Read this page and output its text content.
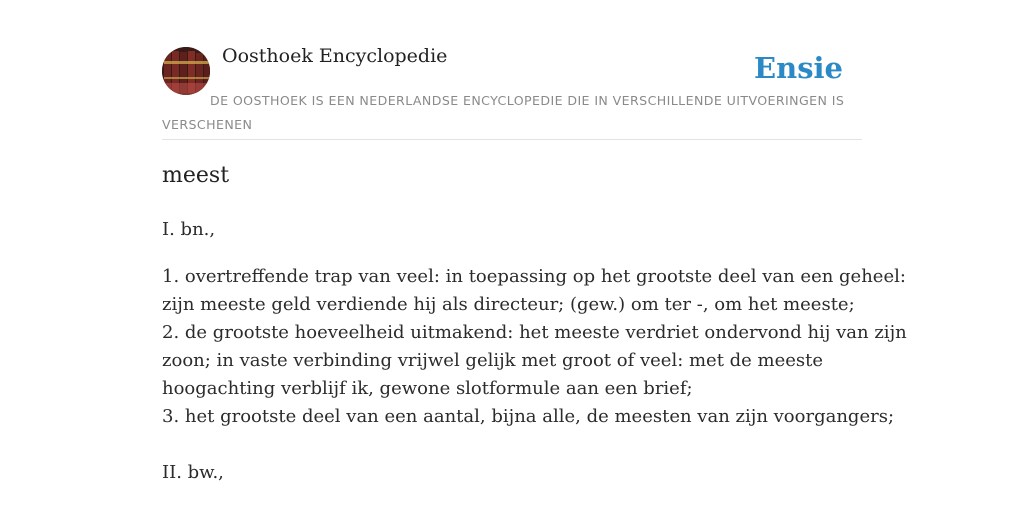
Oosthoek Encyclopedie	Ensie
DE OOSTHOEK IS EEN NEDERLANDSE ENCYCLOPEDIE DIE IN VERSCHILLENDE UITVOERINGEN IS VERSCHENEN
meest
I. bn.,
1. overtreffende trap van veel: in toepassing op het grootste deel van een geheel:
zijn meeste geld verdiende hij als directeur; (gew.) om ter -, om het meeste;
2. de grootste hoeveelheid uitmakend: het meeste verdriet ondervond hij van zijn
zoon; in vaste verbinding vrijwel gelijk met groot of veel: met de meeste
hoogachting verblijf ik, gewone slotformule aan een brief;
3. het grootste deel van een aantal, bijna alle, de meesten van zijn voorgangers;
II. bw.,
